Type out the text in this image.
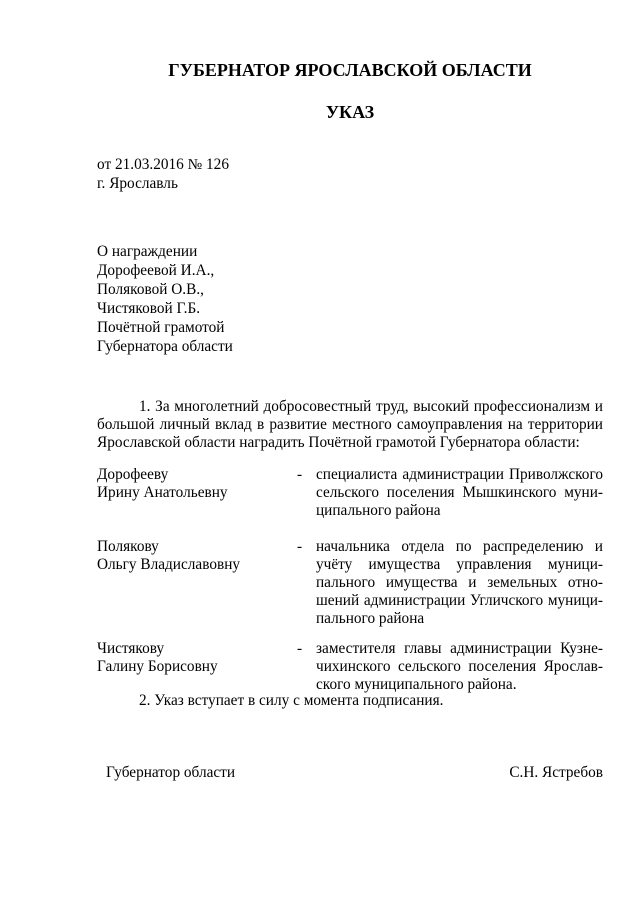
ГУБЕРНАТОР ЯРОСЛАВСКОЙ ОБЛАСТИ
УКАЗ
от 21.03.2016 № 126
г. Ярославль
О награждении
Дорофеевой И.А.,
Поляковой О.В.,
Чистяковой Г.Б.
Почётной грамотой
Губернатора области
1. За многолетний добросовестный труд, высокий профессионализм и
большой личный вклад в развитие местного самоуправления на территории
Ярославской области наградить Почётной грамотой Губернатора области:
Дорофееву
Ирину Анатольевну
- специалиста администрации Приволжского
сельского поселения Мышкинского муни-
ципального района
Полякову
Ольгу Владиславовну
- начальника отдела по распределению и
учёту имущества управления муници-
пального имущества и земельных отно-
шений администрации Угличского муници-
пального района
Чистякову
Галину Борисовну
- заместителя главы администрации Кузне-
чихинского сельского поселения Ярослав-
ского муниципального района.
2. Указ вступает в силу с момента подписания.
Губернатор области	С.Н. Ястребов
